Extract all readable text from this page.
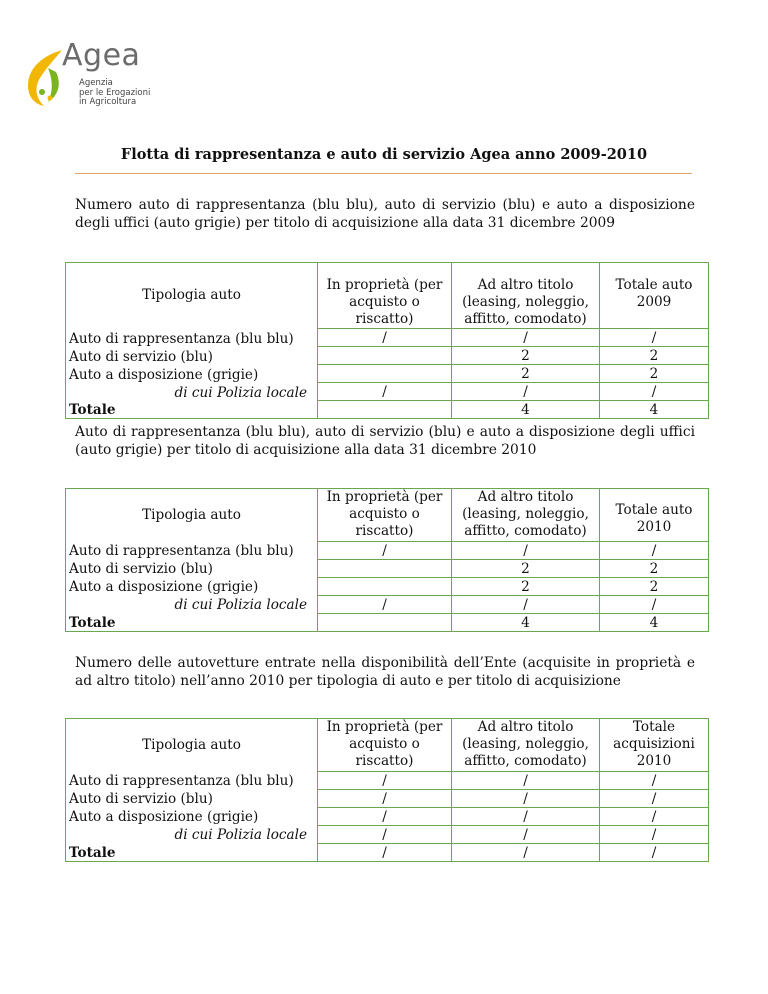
Agea
Agenzia
per le Erogazioni
in Agricoltura
Flotta di rappresentanza e auto di servizio Agea anno 2009-2010
Numero auto di rappresentanza (blu blu), auto di servizio (blu) e auto a disposizione degli uffici (auto grigie) per titolo di acquisizione alla data 31 dicembre 2009
Tipologia auto	In proprietà (per acquisto o riscatto)	Ad altro titolo (leasing, noleggio, affitto, comodato)	Totale auto 2009
Auto di rappresentanza (blu blu)	/	/	/
Auto di servizio (blu)		2	2
Auto a disposizione (grigie)		2	2
di cui Polizia locale	/	/	/
Totale		4	4
Auto di rappresentanza (blu blu), auto di servizio (blu) e auto a disposizione degli uffici (auto grigie) per titolo di acquisizione alla data 31 dicembre 2010
Tipologia auto	In proprietà (per acquisto o riscatto)	Ad altro titolo (leasing, noleggio, affitto, comodato)	Totale auto 2010
Auto di rappresentanza (blu blu)	/	/	/
Auto di servizio (blu)		2	2
Auto a disposizione (grigie)		2	2
di cui Polizia locale	/	/	/
Totale		4	4
Numero delle autovetture entrate nella disponibilità dell’Ente (acquisite in proprietà e ad altro titolo) nell’anno 2010 per tipologia di auto e per titolo di acquisizione
Tipologia auto	In proprietà (per acquisto o riscatto)	Ad altro titolo (leasing, noleggio, affitto, comodato)	Totale acquisizioni 2010
Auto di rappresentanza (blu blu)	/	/	/
Auto di servizio (blu)	/	/	/
Auto a disposizione (grigie)	/	/	/
di cui Polizia locale	/	/	/
Totale	/	/	/
